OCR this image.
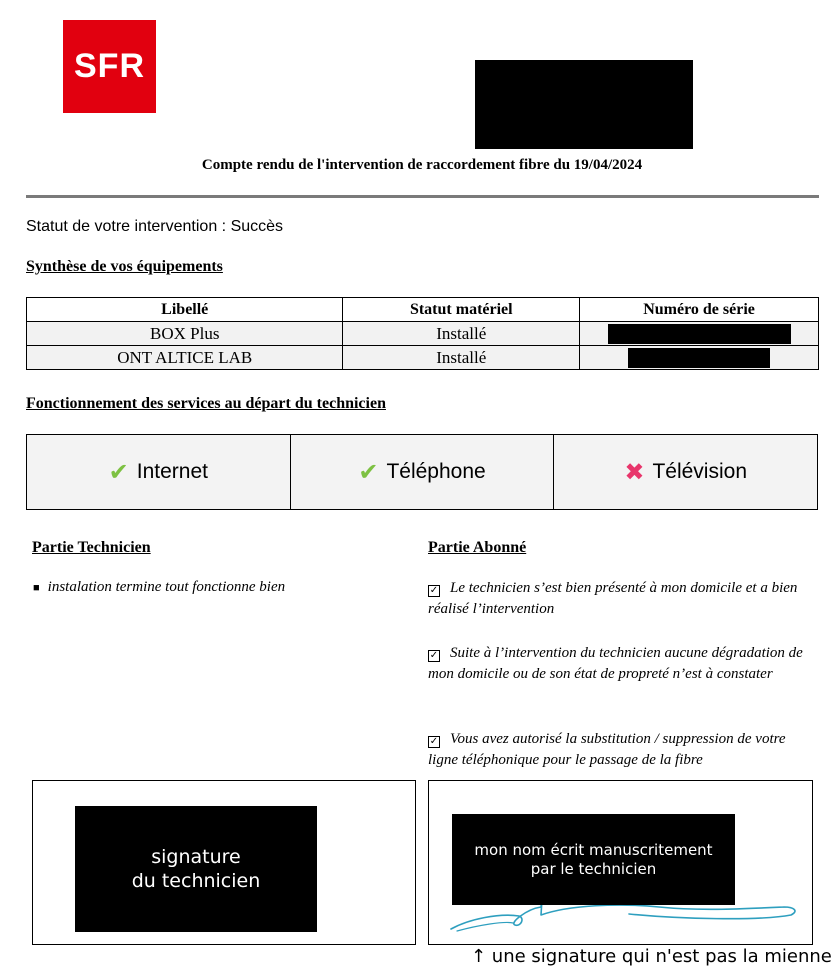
SFR
Compte rendu de l'intervention de raccordement fibre du 19/04/2024
Statut de votre intervention : Succès
Synthèse de vos équipements
Libellé	Statut matériel	Numéro de série
BOX Plus	Installé	
ONT ALTICE LAB	Installé	
Fonctionnement des services au départ du technicien
✔ Internet	✔ Téléphone	✖ Télévision
Partie Technicien
■ instalation termine tout fonctionne bien
Partie Abonné
✓ Le technicien s’est bien présenté à mon domicile et a bien réalisé l’intervention
✓ Suite à l’intervention du technicien aucune dégradation de mon domicile ou de son état de propreté n’est à constater
✓ Vous avez autorisé la substitution / suppression de votre ligne téléphonique pour le passage de la fibre
signature
du technicien
mon nom écrit manuscritement
par le technicien
↑ une signature qui n'est pas la mienne
